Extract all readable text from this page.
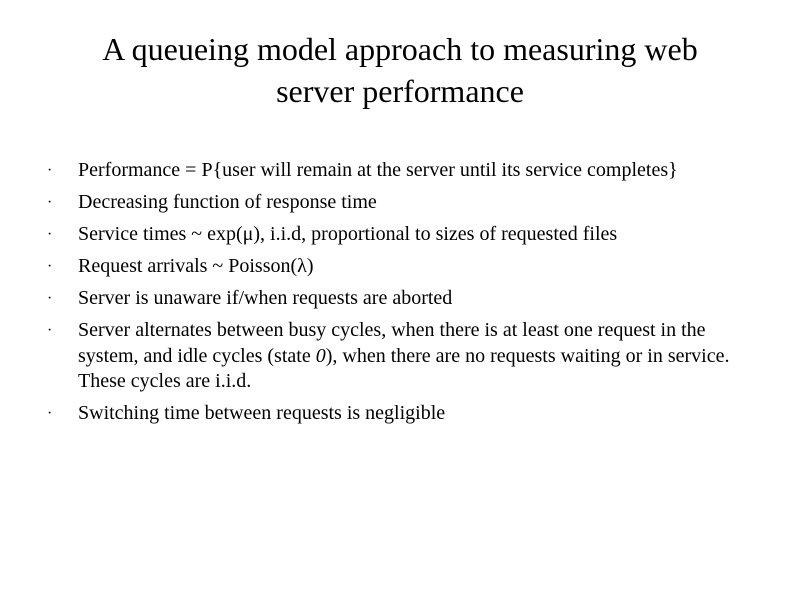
A queueing model approach to measuring web
server performance
· Performance = P{user will remain at the server until its service completes}
· Decreasing function of response time
· Service times ~ exp(μ), i.i.d, proportional to sizes of requested files
· Request arrivals ~ Poisson(λ)
· Server is unaware if/when requests are aborted
· Server alternates between busy cycles, when there is at least one request in the system, and idle cycles (state 0), when there are no requests waiting or in service. These cycles are i.i.d.
· Switching time between requests is negligible
